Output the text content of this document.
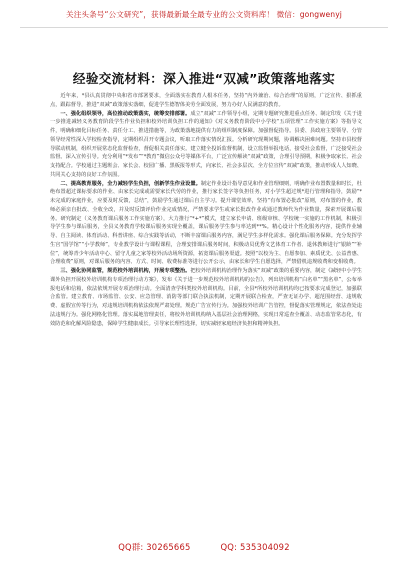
关注头条号“公文研究”，获得最新最全最专业的公文资料库！ 微信：gongwenyj
经验交流材料：深入推进“双减”政策落地落实

近年来，*县认真贯彻中央和省市部署要求，全面落实在教育人根本任务，坚持“内外兼治、综合治理”的原则，广泛宣传、狠抓重点，跟踪督导，推进“双减”政策落实落细，促进学生德智体美劳全面发展，努力办好人民满意的教育。

一、强化组织领导，高位推动政策落实，统筹安排部署。成立“双减”工作领导小组，定期专题研究推进重点任务、制定印发《关于进一步推进减轻义务教育阶段学生作业负担和校外培训负担工作的通知》《对义务教育阶段中小学校“五项管理”工作实施方案》等指导文件，明确和细化目标任务、责任分工、推进措施等，为政策落地提供有力的组织制度保障。加强督促指导。县委、县政府主要领导、分管领导经常性深入学校检查指导，定期组织召开专题会议，听取工作落实情况汇报。分析研究现期问题，协调解决困难问题。坚持市县校督导联动机制，组织开展常态化监督检查，督促相关责任落实。建立健全投诉监督机制，设立监督举报电话，接受社会监督，广泛接受社会监督。深入宣传引导。充分利用“*发布”“*教育”微信公众号等媒体平台，广泛宣传解读“双减”政策，合理引导预期，积极争取家长、社会支持配合。学校通过主题班会、家长会、校园广播、黑板报等形式，向家长、社会多层次、全方位宣传“双减”政策，推动形成人人知晓、共同关心支持的良好工作氛围。

二、提高教育服务，全力减轻学生负担，创新学生作业设置。制定作业设计指导意见和作业管理细则，明确作业布置数量和时长，杜绝布置超过课标要求的作业、由家长完成或需要家长代劳的作业，推行家长签字等负担任务，对小学生超过规*进行管理和指导，鼓励“*未完成的家庭作业，应要及时反馈，总结”，鼓励学生通过课后自主学习。提升课堂效率，坚持“有布置必批改”原则，对布置的作业，教师必须亲自批改、全收全改，并及时反馈评价作业完成情况，严禁要求学生或家长批改作业或通过教师代为作业数量，探索开展课后服务。研究制定（义务教育课后服务工作实施方案），大力推行“*+*”模式，建立家长申请、班级审核、学校统一实施的工作机制，积极引导学生参与课后服务，全县义务教育学校课后服务实现全覆盖，课后服务学生参与率达到**%。精心设计个性化服务内容，提供作业辅导、自主阅读、体育活动、科普讲座、综合实践等活动，不断丰富课后服务内容，满足学生多样化需求。强化课后服务保障。充分发挥学生宫“国学馆”“小学教师”，专业教学设计与课程课程，合理安排课后服务时间，积极动员优秀文艺体育工作者、退休教师进行“银龄”“补位”，统筹青少年活动中心、留守儿童之家等校外活动场所资源，拓宽课后服务渠道。按照“以校为主、自愿参加、素质优先、公益普惠、合理收费”原则，对课后服务的内容、方式、时间、收费标准等进行公开公示，由家长和学生自愿选择，严禁借机违规收费和变相收费。

三、强化协同监管，规范校外培训机构，开展专项整治。把校外培训机构治理作为落实“双减”政策的重要内容，制定《减轻中小学生课外负担开展校外培训机构专项治理行动方案》，发布《关于进一步规范校外培训机构的公告》，列出培训机构“白名单”“黑名单”，公布举报电话和信箱，依法依规开展专项治理行动。全面清查学科类校外培训机构。目前，全县*所校外培训机构均已按要求完成登记，加强联合监管。建立教育、市场监管、公安、应急管理、消防等部门联合执法机制，定期开展联合检查，严查无证办学、超范围经营、违规收费、虚假宣传等行为，对违规培训机构依法依规严肃处理。规范广告宣传行为。加强校外培训广告管控，督促落实管理规定，依法查处违法违规行为。强化网格化管理。落实属地管理责任，将校外培训机构纳入基层社会治理网格，实现日常巡查全覆盖、动态监管常态化，有效防范和化解风险隐患，保障学生健康成长。引导家长理性选择，切实减轻家庭经济负担和精神负担。

QQ群: 30265665	QQ: 535304092
